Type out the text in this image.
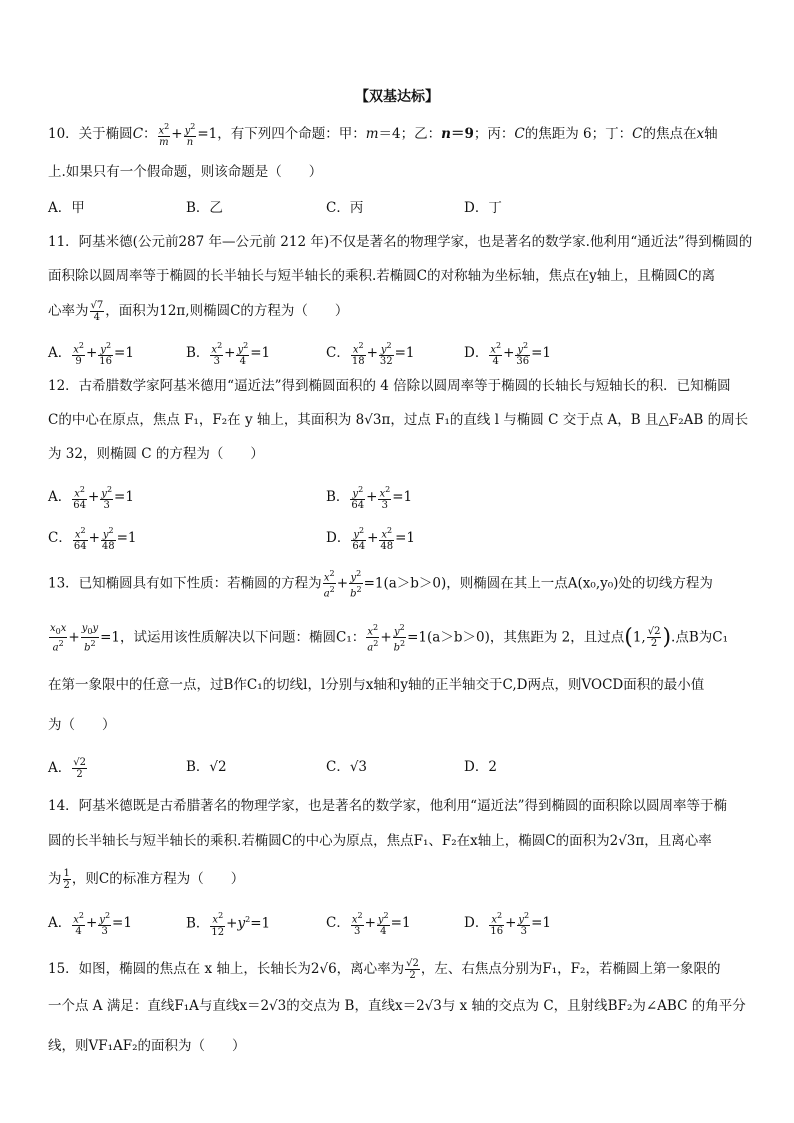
【双基达标】
10．关于椭圆C： $\frac{x^2}{m} + \frac{y^2}{n} =1$，有下列四个命题：甲：m＝4；乙：n＝9；丙：C的焦距为 6；丁：C的焦点在x轴
上.如果只有一个假命题，则该命题是（　　）
A．甲	B．乙	C．丙	D．丁
11．阿基米德(公元前287 年—公元前 212 年)不仅是著名的物理学家，也是著名的数学家.他利用“通近法”得到椭圆的
面积除以圆周率等于椭圆的长半轴长与短半轴长的乘积.若椭圆C的对称轴为坐标轴，焦点在y轴上，且椭圆C的离
心率为 $\frac{√7}{4}$ ，面积为12π,则椭圆C的方程为（　　）
A． $\frac{x^2}{9} + \frac{y^2}{16} =1$	B． $\frac{x^2}{3} + \frac{y^2}{4} =1$	C． $\frac{x^2}{18} + \frac{y^2}{32} =1$	D． $\frac{x^2}{4} + \frac{y^2}{36} =1$
12．古希腊数学家阿基米德用“逼近法”得到椭圆面积的 4 倍除以圆周率等于椭圆的长轴长与短轴长的积．已知椭圆
C的中心在原点，焦点 F₁，F₂在 y 轴上，其面积为 8√3π，过点 F₁的直线 l 与椭圆 C 交于点 A，B 且△F₂AB 的周长
为 32，则椭圆 C 的方程为（　　）
A． $\frac{x^2}{64} + \frac{y^2}{3} =1$	B． $\frac{y^2}{64} + \frac{x^2}{3} =1$
C． $\frac{x^2}{64} + \frac{y^2}{48} =1$	D． $\frac{y^2}{64} + \frac{x^2}{48} =1$
13．已知椭圆具有如下性质：若椭圆的方程为 $\frac{x^2}{a^2} + \frac{y^2}{b^2} =1(a>b>0)$，则椭圆在其上一点A(x₀,y₀)处的切线方程为
$\frac{x_0x}{a^2} + \frac{y_0y}{b^2} =1$，试运用该性质解决以下问题：椭圆C₁： $\frac{x^2}{a^2} + \frac{y^2}{b^2} =1(a>b>0)$，其焦距为 2，且过点(1, $\frac{√2}{2}$ ).点B为C₁
在第一象限中的任意一点，过B作C₁的切线l，l分别与x轴和y轴的正半轴交于C,D两点，则VOCD面积的最小值
为（　　）
A． $\frac{√2}{2}$	B．√2	C．√3	D．2
14．阿基米德既是古希腊著名的物理学家，也是著名的数学家，他利用“逼近法”得到椭圆的面积除以圆周率等于椭
圆的长半轴长与短半轴长的乘积.若椭圆C的中心为原点，焦点F₁、F₂在x轴上，椭圆C的面积为2√3π，且离心率
为 $\frac{1}{2}$ ，则C的标准方程为（　　）
A． $\frac{x^2}{4} + \frac{y^2}{3} =1$	B． $\frac{x^2}{12} +y^2=1$	C． $\frac{x^2}{3} + \frac{y^2}{4} =1$	D． $\frac{x^2}{16} + \frac{y^2}{3} =1$
15．如图，椭圆的焦点在 x 轴上，长轴长为2√6，离心率为 $\frac{√2}{2}$ ，左、右焦点分别为F₁，F₂，若椭圆上第一象限的
一个点 A 满足：直线F₁A与直线x＝2√3的交点为 B，直线x＝2√3与 x 轴的交点为 C，且射线BF₂为∠ABC 的角平分
线，则VF₁AF₂的面积为（　　）
